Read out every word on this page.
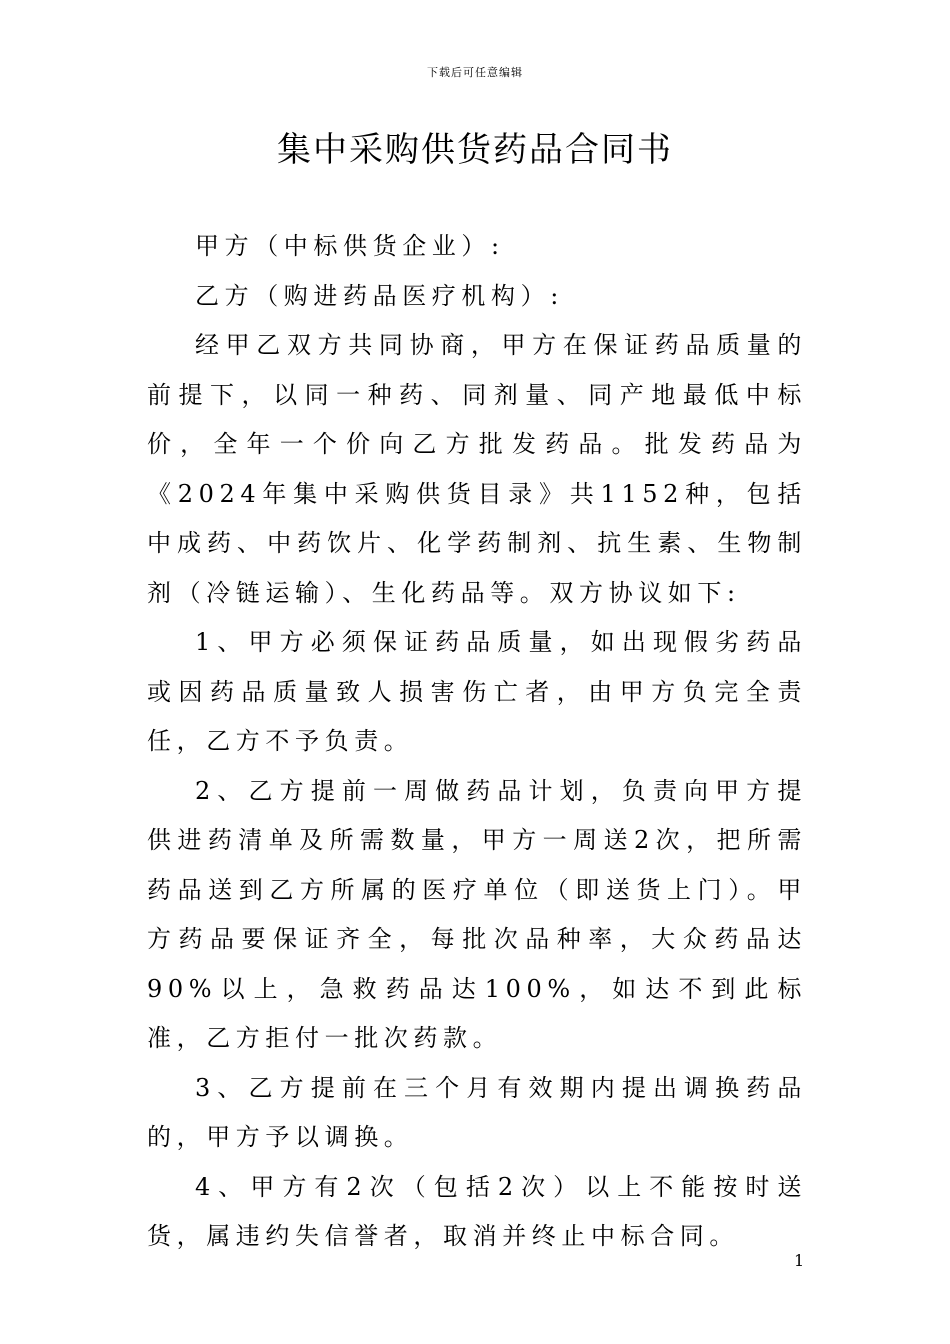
下载后可任意编辑
集中采购供货药品合同书

甲方（中标供货企业）:

乙方（购进药品医疗机构）:

经甲乙双方共同协商，甲方在保证药品质量的前提下，以同一种药、同剂量、同产地最低中标价，全年一个价向乙方批发药品。批发药品为《2024年集中采购供货目录》共1152种，包括中成药、中药饮片、化学药制剂、抗生素、生物制剂（冷链运输）、生化药品等。双方协议如下:

1、甲方必须保证药品质量，如出现假劣药品或因药品质量致人损害伤亡者，由甲方负完全责任，乙方不予负责。

2、乙方提前一周做药品计划，负责向甲方提供进药清单及所需数量，甲方一周送2次，把所需药品送到乙方所属的医疗单位（即送货上门）。甲方药品要保证齐全，每批次品种率，大众药品达90%以上，急救药品达100%，如达不到此标准，乙方拒付一批次药款。

3、乙方提前在三个月有效期内提出调换药品的，甲方予以调换。

4、甲方有2次（包括2次）以上不能按时送货，属违约失信誉者，取消并终止中标合同。

1
